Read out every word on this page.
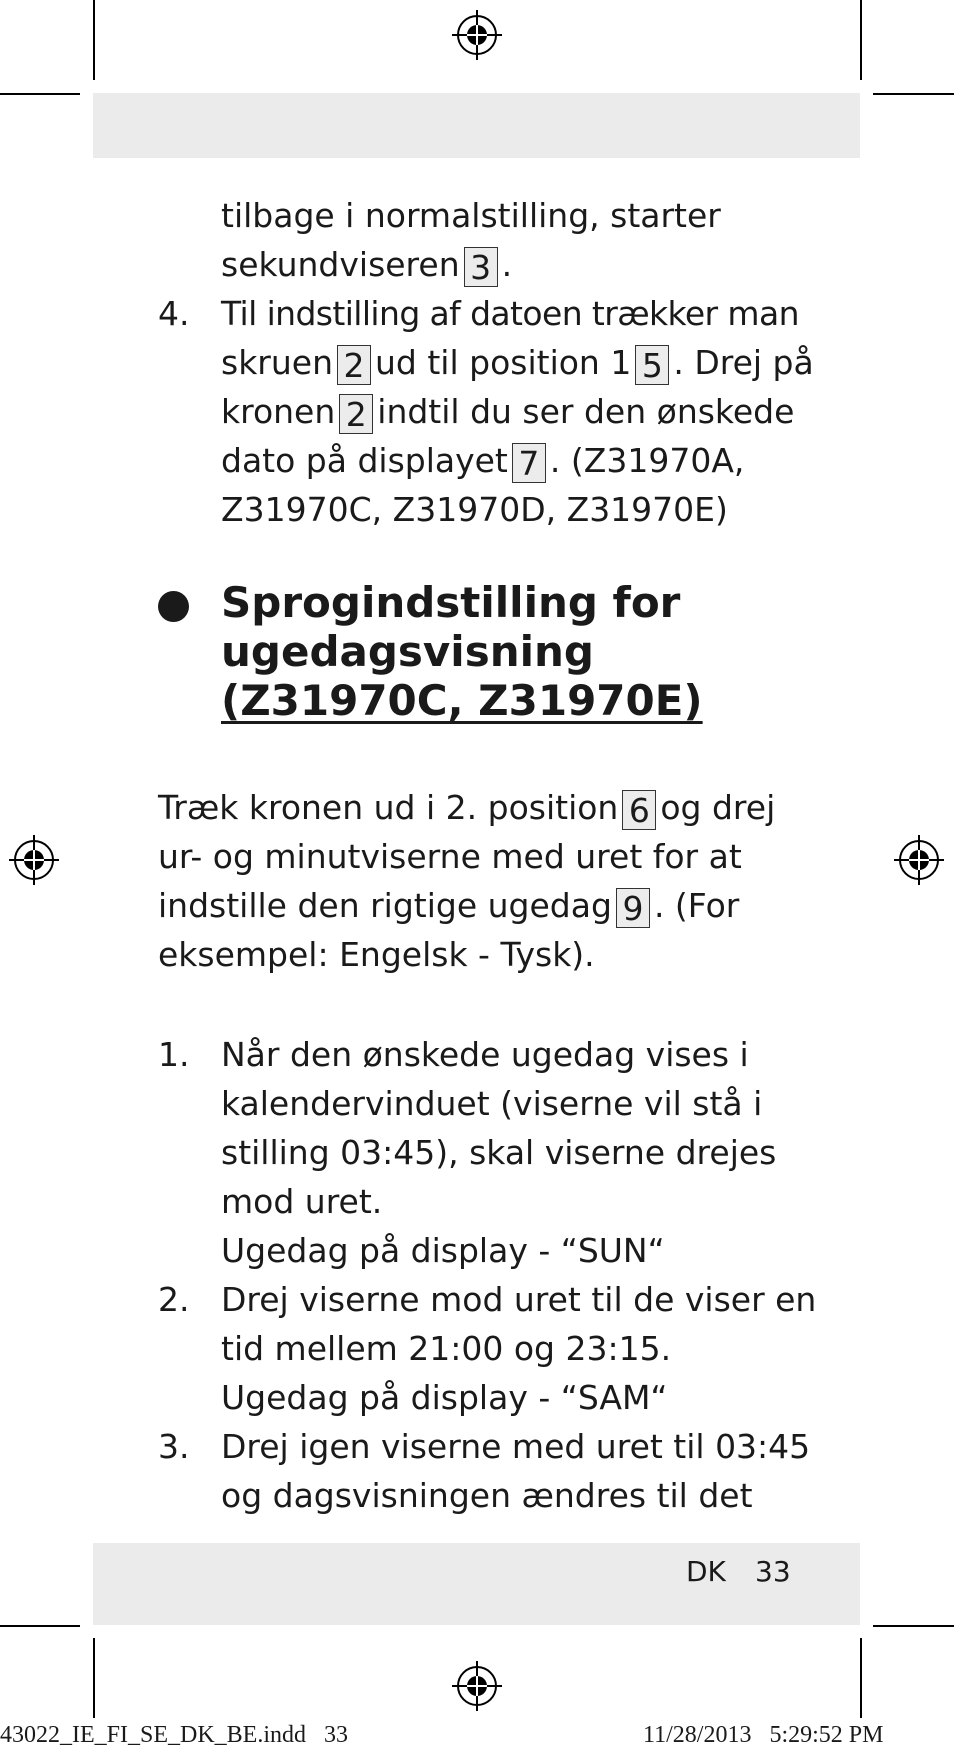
tilbage i normalstilling, starter
sekundviseren 3 .
4. Til indstilling af datoen trækker man
skruen 2 ud til position 1 5 . Drej på
kronen 2 indtil du ser den ønskede
dato på displayet 7 . (Z31970A,
Z31970C, Z31970D, Z31970E)
Sprogindstilling for
ugedagsvisning
(Z31970C, Z31970E)
Træk kronen ud i 2. position 6 og drej
ur- og minutviserne med uret for at
indstille den rigtige ugedag 9 . (For
eksempel: Engelsk - Tysk).
1. Når den ønskede ugedag vises i
kalendervinduet (viserne vil stå i
stilling 03:45), skal viserne drejes
mod uret.
Ugedag på display - “SUN“
2. Drej viserne mod uret til de viser en
tid mellem 21:00 og 23:15.
Ugedag på display - “SAM“
3. Drej igen viserne med uret til 03:45
og dagsvisningen ændres til det
DK 33
43022_IE_FI_SE_DK_BE.indd   33	11/28/2013   5:29:52 PM
